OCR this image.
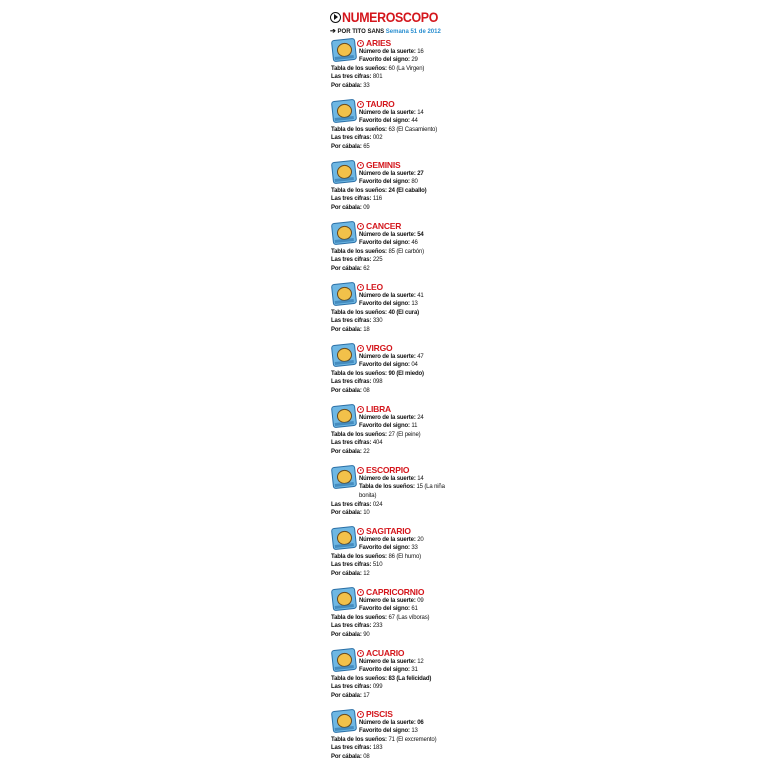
NUMEROSCOPO
➔ POR TITO SANS Semana 51 de 2012
ARIES
Número de la suerte: 16
Favorito del signo: 29
Tabla de los sueños: 60 (La Virgen)
Las tres cifras: 801
Por cábala: 33
TAURO
Número de la suerte: 14
Favorito del signo: 44
Tabla de los sueños: 63 (El Casamiento)
Las tres cifras: 002
Por cábala: 65
GEMINIS
Número de la suerte: 27
Favorito del signo: 80
Tabla de los sueños: 24 (El caballo)
Las tres cifras: 116
Por cábala: 09
CANCER
Número de la suerte: 54
Favorito del signo: 46
Tabla de los sueños: 85 (El carbón)
Las tres cifras: 225
Por cábala: 62
LEO
Número de la suerte: 41
Favorito del signo: 13
Tabla de los sueños: 40 (El cura)
Las tres cifras: 330
Por cábala: 18
VIRGO
Número de la suerte: 47
Favorito del signo: 04
Tabla de los sueños: 90 (El miedo)
Las tres cifras: 098
Por cábala: 08
LIBRA
Número de la suerte: 24
Favorito del signo: 11
Tabla de los sueños: 27 (El peine)
Las tres cifras: 404
Por cábala: 22
ESCORPIO
Número de la suerte: 14
Tabla de los sueños: 15 (La niña bonita)
Las tres cifras: 024
Por cábala: 10
SAGITARIO
Número de la suerte: 20
Favorito del signo: 33
Tabla de los sueños: 86 (El humo)
Las tres cifras: 510
Por cábala: 12
CAPRICORNIO
Número de la suerte: 09
Favorito del signo: 61
Tabla de los sueños: 67 (Las víboras)
Las tres cifras: 233
Por cábala: 90
ACUARIO
Número de la suerte: 12
Favorito del signo: 31
Tabla de los sueños: 83 (La felicidad)
Las tres cifras: 099
Por cábala: 17
PISCIS
Número de la suerte: 06
Favorito del signo: 13
Tabla de los sueños: 71 (El excremento)
Las tres cifras: 183
Por cábala: 08
